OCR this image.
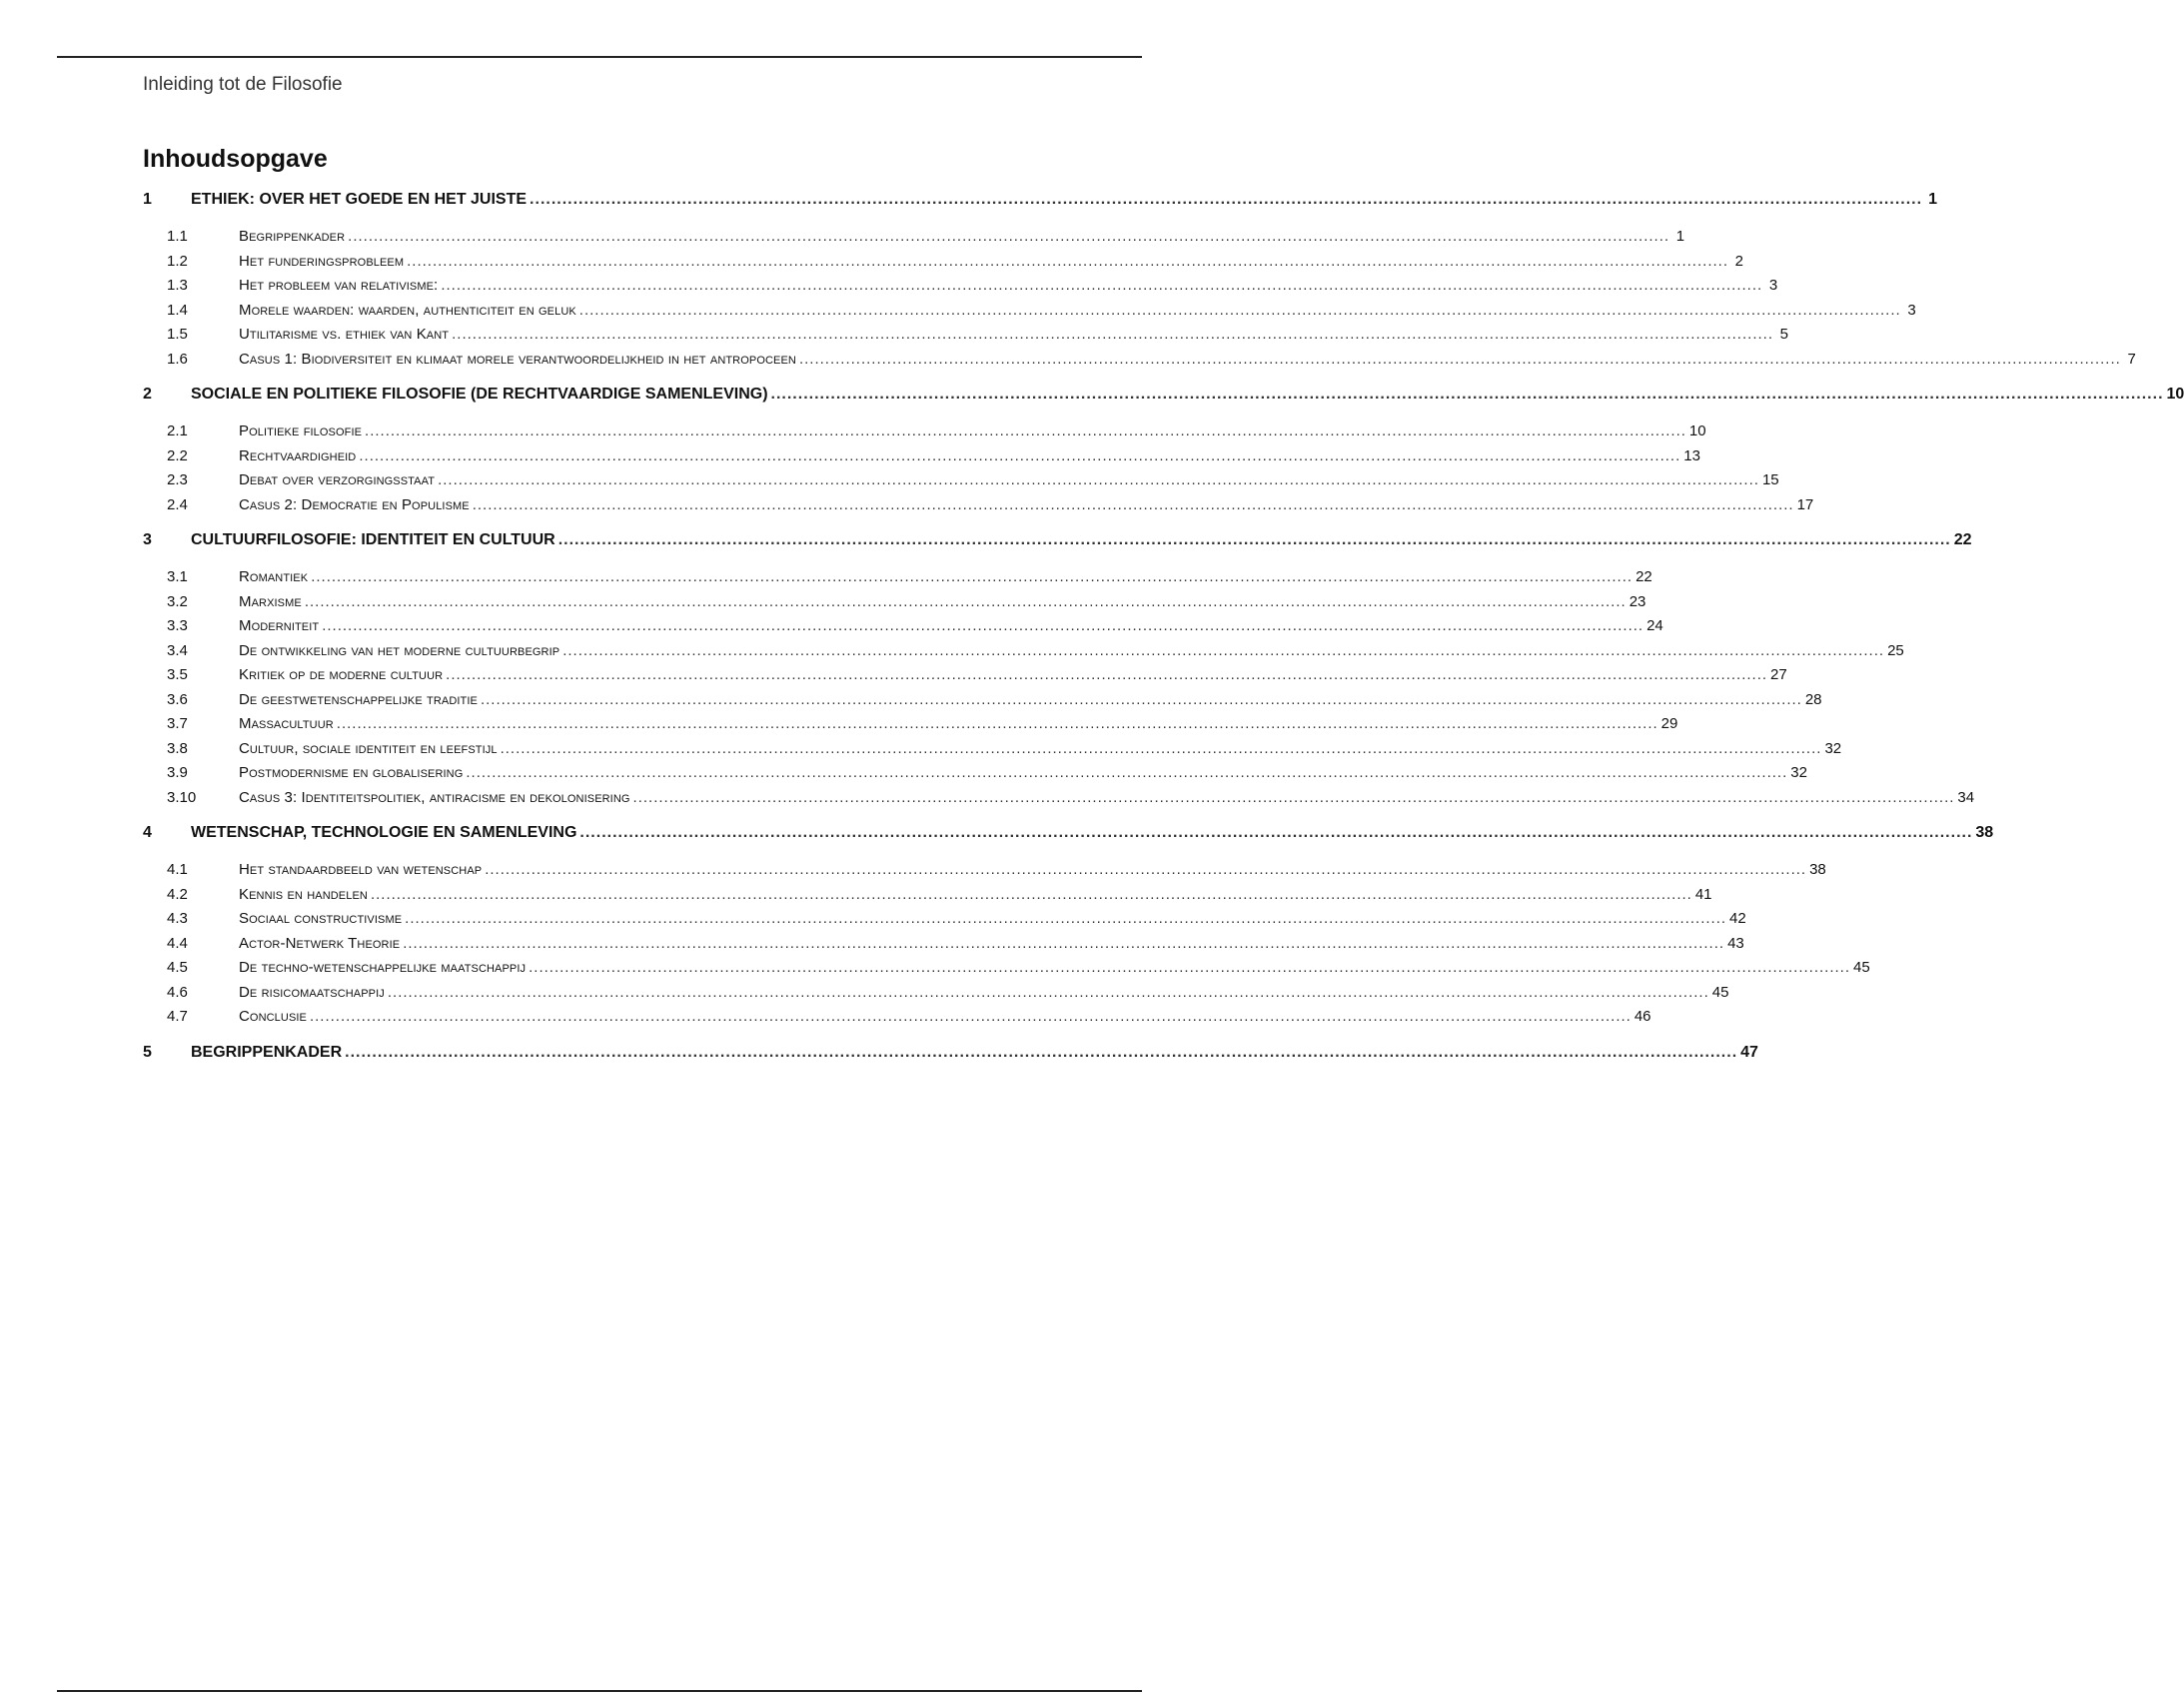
Inleiding tot de Filosofie
Inhoudsopgave
1	ETHIEK: OVER HET GOEDE EN HET JUISTE .....	1
1.1	Begrippenkader .....	1
1.2	Het funderingsprobleem .....	2
1.3	Het probleem van relativisme: .....	3
1.4	Morele waarden: waarden, authenticiteit en geluk .....	3
1.5	Utilitarisme vs. ethiek van Kant .....	5
1.6	Casus 1: Biodiversiteit en klimaat morele verantwoordelijkheid in het antropoceen .....	7
2	SOCIALE EN POLITIEKE FILOSOFIE (DE RECHTVAARDIGE SAMENLEVING) .....	10
2.1	Politieke filosofie .....	10
2.2	Rechtvaardigheid .....	13
2.3	Debat over verzorgingsstaat .....	15
2.4	Casus 2: Democratie en Populisme .....	17
3	CULTUURFILOSOFIE: IDENTITEIT EN CULTUUR .....	22
3.1	Romantiek .....	22
3.2	Marxisme .....	23
3.3	Moderniteit .....	24
3.4	De ontwikkeling van het moderne cultuurbegrip .....	25
3.5	Kritiek op de moderne cultuur .....	27
3.6	De geestwetenschappelijke traditie .....	28
3.7	Massacultuur .....	29
3.8	Cultuur, sociale identiteit en leefstijl .....	32
3.9	Postmodernisme en globalisering .....	32
3.10	Casus 3: Identiteitspolitiek, antiracisme en dekolonisering .....	34
4	WETENSCHAP, TECHNOLOGIE EN SAMENLEVING .....	38
4.1	Het standaardbeeld van wetenschap .....	38
4.2	Kennis en handelen .....	41
4.3	Sociaal constructivisme .....	42
4.4	Actor-Netwerk Theorie .....	43
4.5	De techno-wetenschappelijke maatschappij .....	45
4.6	De risicomaatschappij .....	45
4.7	Conclusie .....	46
5	BEGRIPPENKADER .....	47
